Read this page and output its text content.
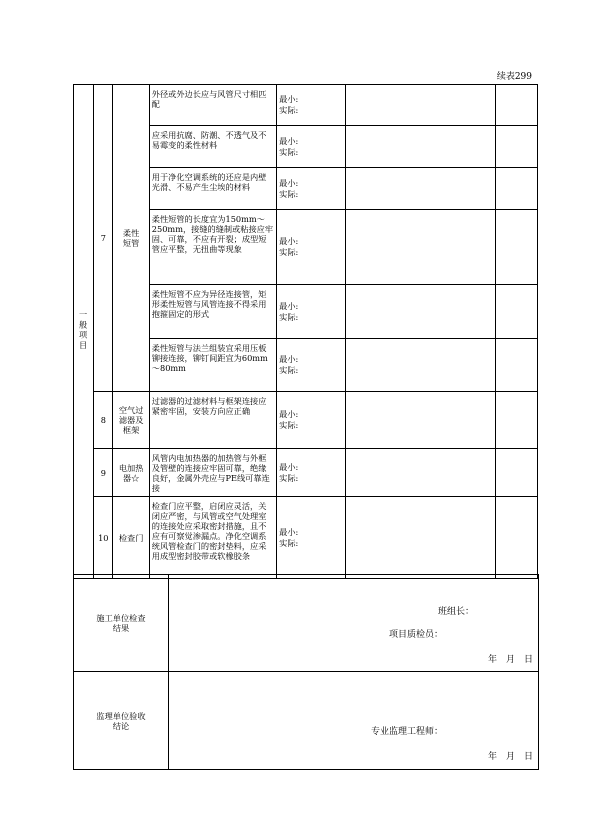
续表299
一般项目	7	柔性短管	外径或外边长应与风管尺寸相匹配	最小:
实际:		

			应采用抗腐、防潮、不透气及不易霉变的柔性材料	最小:
实际:		

			用于净化空调系统的还应是内壁光滑、不易产生尘埃的材料	最小:
实际:		

			柔性短管的长度宜为150mm～250mm，接缝的缝制或粘接应牢固、可靠，不应有开裂；成型短管应平整，无扭曲等现象	最小:
实际:		

			柔性短管不应为异径连接管，矩形柔性短管与风管连接不得采用抱箍固定的形式	最小:
实际:		

			柔性短管与法兰组装宜采用压板铆接连接，铆钉间距宜为60mm～80mm	最小:
实际:		

	8	空气过滤器及框架	过滤器的过滤材料与框架连接应紧密牢固，安装方向应正确	最小:
实际:		

	9	电加热器☆	风管内电加热器的加热管与外框及管壁的连接应牢固可靠，绝缘良好，金属外壳应与PE线可靠连接	最小:
实际:		

	10	检查门	检查门应平整，启闭应灵活，关闭应严密，与风管或空气处理室的连接处应采取密封措施，且不应有可察觉渗漏点。净化空调系统风管检查门的密封垫料，应采用成型密封胶带或软橡胶条	最小:
实际:		

施工单位检查结果	班组长：
项目质检员：
年　月　日

监理单位验收结论	专业监理工程师：
年　月　日
